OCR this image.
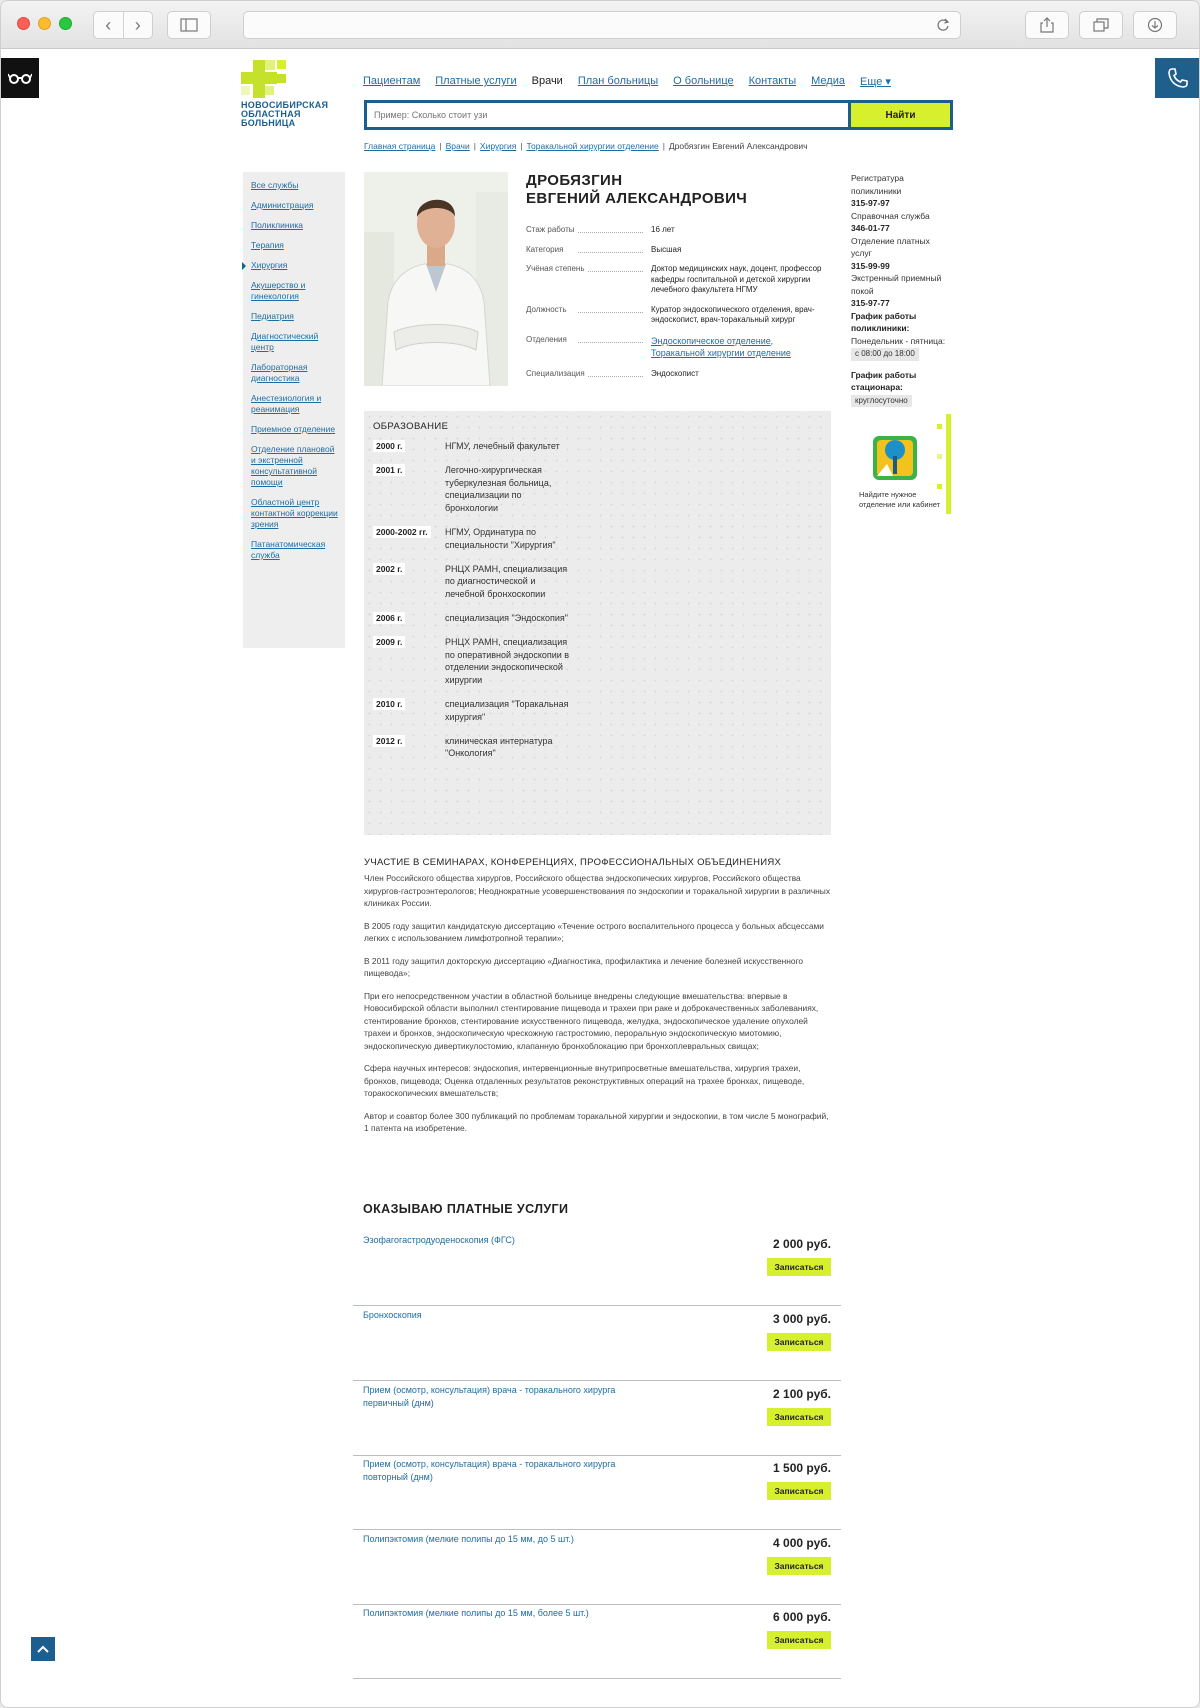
‹	›
НОВОСИБИРСКАЯ
ОБЛАСТНАЯ
БОЛЬНИЦА
Пациентам Платные услуги Врачи План больницы О больнице Контакты Медиа Еще ▾
Пример: Сколько стоит узи
Найти
Главная страница | Врачи | Хирургия | Торакальной хирургии отделение | Дробязгин Евгений Александрович
Все службы
Администрация
Поликлиника
Терапия
Хирургия
Акушерство и гинекология
Педиатрия
Диагностический центр
Лабораторная диагностика
Анестезиология и реанимация
Приемное отделение
Отделение плановой и экстренной консультативной помощи
Областной центр контактной коррекции зрения
Патанатомическая служба
ДРОБЯЗГИН
ЕВГЕНИЙ АЛЕКСАНДРОВИЧ
Стаж работы	16 лет
Категория	Высшая
Учёная степень	Доктор медицинских наук, доцент, профессор кафедры госпитальной и детской хирургии лечебного факультета НГМУ
Должность	Куратор эндоскопического отделения, врач-эндоскопист, врач-торакальный хирург
Отделения	Эндоскопическое отделение,
Торакальной хирургии отделение
Специализация	Эндоскопист
Регистратура поликлиники
315-97-97
Справочная служба
346-01-77
Отделение платных услуг
315-99-99
Экстренный приемный покой
315-97-77
График работы поликлиники:
Понедельник - пятница:
с 08:00 до 18:00
График работы стационара:
круглосуточно
Найдите нужное отделение или кабинет
ОБРАЗОВАНИЕ
2000 г.	НГМУ, лечебный факультет
2001 г.	Легочно-хирургическая туберкулезная больница, специализации по бронхологии
2000-2002 гг.	НГМУ, Ординатура по специальности "Хирургия"
2002 г.	РНЦХ РАМН, специализация по диагностической и лечебной бронхоскопии
2006 г.	специализация "Эндоскопия"
2009 г.	РНЦХ РАМН, специализация по оперативной эндоскопии в отделении эндоскопической хирургии
2010 г.	специализация "Торакальная хирургия"
2012 г.	клиническая интернатура "Онкология"
УЧАСТИЕ В СЕМИНАРАХ, КОНФЕРЕНЦИЯХ, ПРОФЕССИОНАЛЬНЫХ ОБЪЕДИНЕНИЯХ

Член Российского общества хирургов, Российского общества эндоскопических хирургов, Российского общества хирургов-гастроэнтерологов; Неоднократные усовершенствования по эндоскопии и торакальной хирургии в различных клиниках России.

В 2005 году защитил кандидатскую диссертацию «Течение острого воспалительного процесса у больных абсцессами легких с использованием лимфотропной терапии»;

В 2011 году защитил докторскую диссертацию «Диагностика, профилактика и лечение болезней искусственного пищевода»;

При его непосредственном участии в областной больнице внедрены следующие вмешательства: впервые в Новосибирской области выполнил стентирование пищевода и трахеи при раке и доброкачественных заболеваниях, стентирование бронхов, стентирование искусственного пищевода, желудка, эндоскопическое удаление опухолей трахеи и бронхов, эндоскопическую чрескожную гастростомию, пероральную эндоскопическую миотомию, эндоскопическую дивертикулостомию, клапанную бронхоблокацию при бронхоплевральных свищах;

Сфера научных интересов: эндоскопия, интервенционные внутрипросветные вмешательства, хирургия трахеи, бронхов, пищевода; Оценка отдаленных результатов реконструктивных операций на трахее бронхах, пищеводе, торакоскопических вмешательств;

Автор и соавтор более 300 публикаций по проблемам торакальной хирургии и эндоскопии, в том числе 5 монографий, 1 патента на изобретение.

ОКАЗЫВАЮ ПЛАТНЫЕ УСЛУГИ
Эзофагогастродуоденоскопия (ФГС)	2 000 руб.
Записаться
Бронхоскопия	3 000 руб.
Записаться
Прием (осмотр, консультация) врача - торакального хирурга первичный (днм)
2 100 руб.
Записаться
Прием (осмотр, консультация) врача - торакального хирурга повторный (днм)
1 500 руб.
Записаться
Полипэктомия (мелкие полипы до 15 мм, до 5 шт.)	4 000 руб.
Записаться
Полипэктомия (мелкие полипы до 15 мм, более 5 шт.)	6 000 руб.
Записаться
